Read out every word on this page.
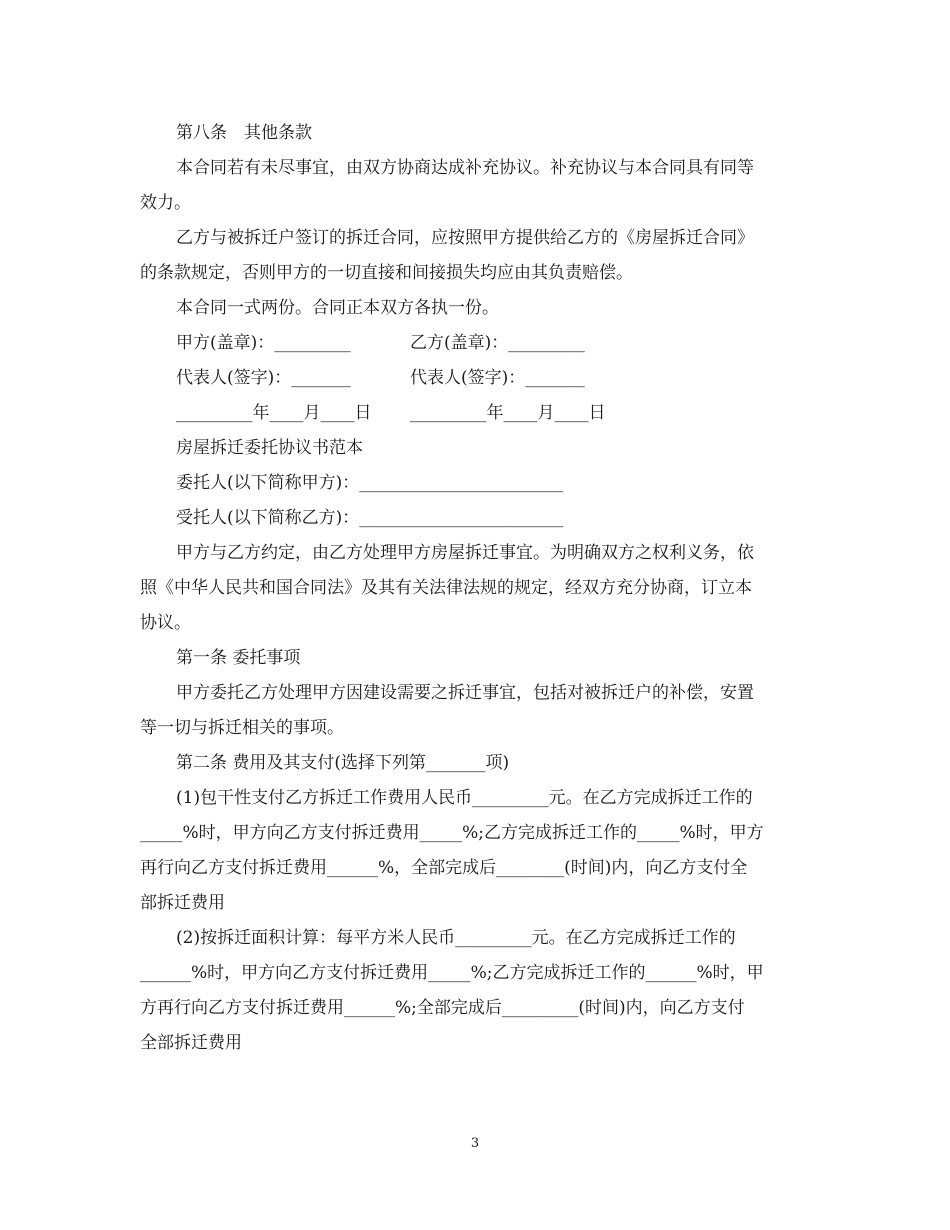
第八条　其他条款

本合同若有未尽事宜，由双方协商达成补充协议。补充协议与本合同具有同等

效力。

乙方与被拆迁户签订的拆迁合同，应按照甲方提供给乙方的《房屋拆迁合同》

的条款规定，否则甲方的一切直接和间接损失均应由其负责赔偿。

本合同一式两份。合同正本双方各执一份。

甲方(盖章)：_________	乙方(盖章)：_________
代表人(签字)：_______	代表人(签字)：_______
_________年____月____日	_________年____月____日

房屋拆迁委托协议书范本

委托人(以下简称甲方)：________________________

受托人(以下简称乙方)：________________________

甲方与乙方约定，由乙方处理甲方房屋拆迁事宜。为明确双方之权利义务，依

照《中华人民共和国合同法》及其有关法律法规的规定，经双方充分协商，订立本

协议。

第一条 委托事项

甲方委托乙方处理甲方因建设需要之拆迁事宜，包括对被拆迁户的补偿，安置

等一切与拆迁相关的事项。

第二条 费用及其支付(选择下列第_______项)

(1)包干性支付乙方拆迁工作费用人民币_________元。在乙方完成拆迁工作的

_____%时，甲方向乙方支付拆迁费用_____%;乙方完成拆迁工作的_____%时，甲方

再行向乙方支付拆迁费用______%，全部完成后________(时间)内，向乙方支付全

部拆迁费用

(2)按拆迁面积计算：每平方米人民币_________元。在乙方完成拆迁工作的

______%时，甲方向乙方支付拆迁费用_____%;乙方完成拆迁工作的______%时，甲

方再行向乙方支付拆迁费用______%;全部完成后_________(时间)内，向乙方支付

全部拆迁费用

3
